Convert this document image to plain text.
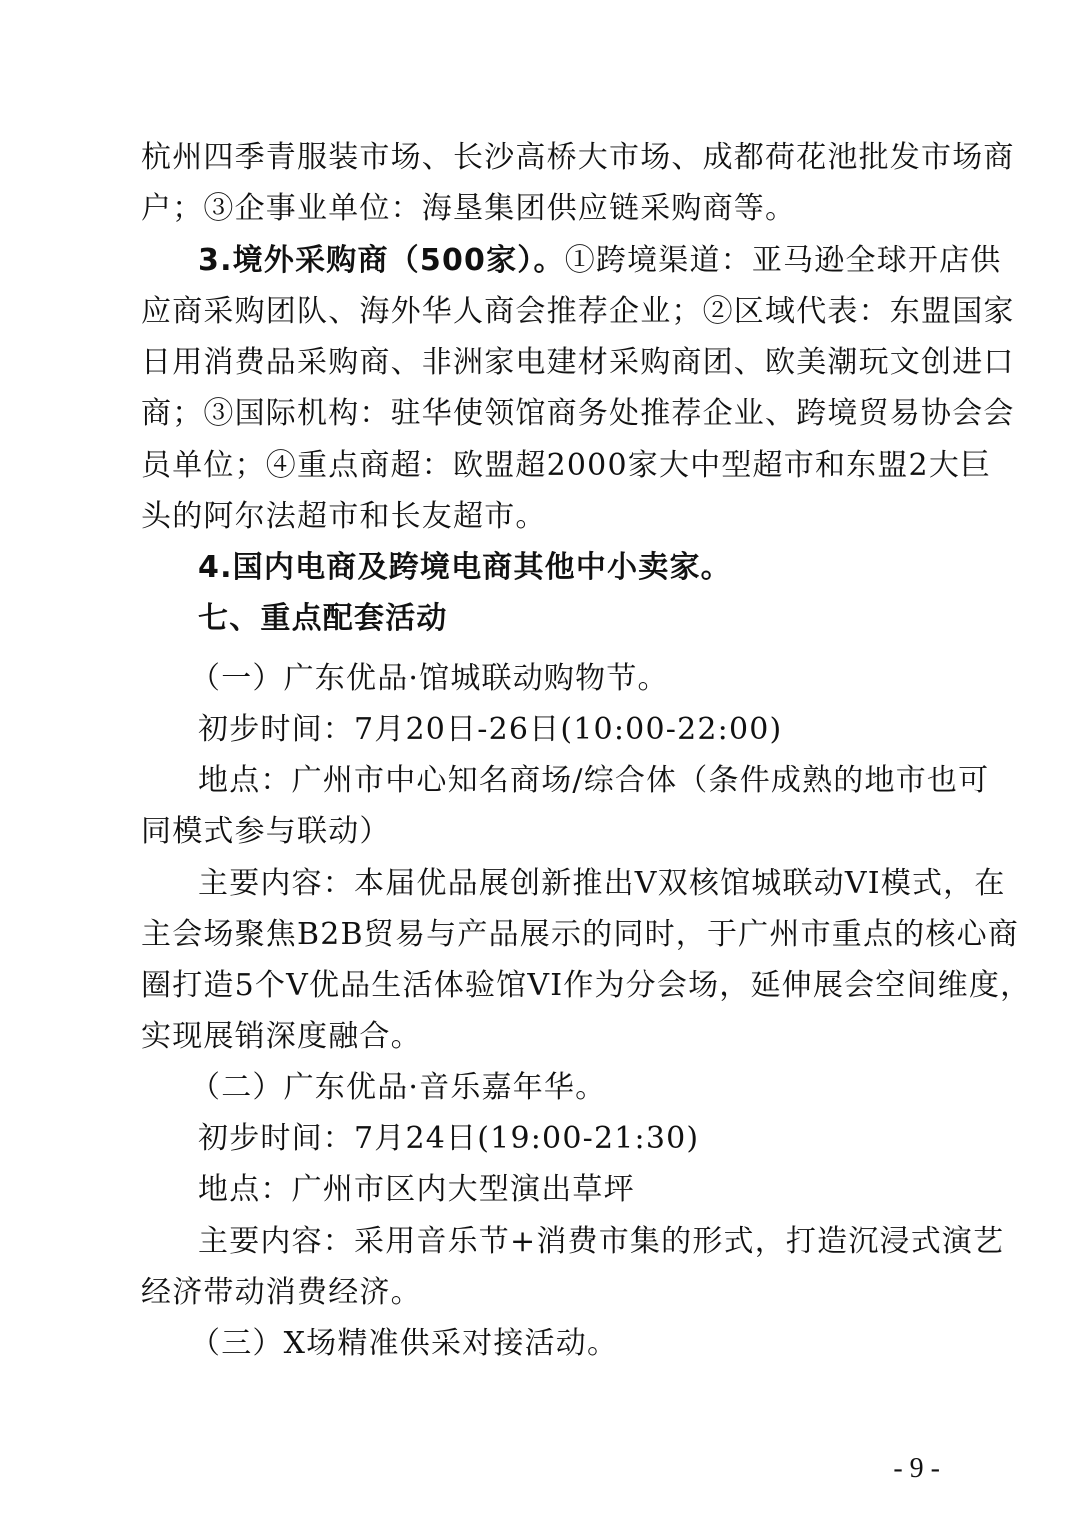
杭州四季青服装市场、长沙高桥大市场、成都荷花池批发市场商
户；③企事业单位：海垦集团供应链采购商等。
3.境外采购商（500家）。①跨境渠道：亚马逊全球开店供
应商采购团队、海外华人商会推荐企业；②区域代表：东盟国家
日用消费品采购商、非洲家电建材采购商团、欧美潮玩文创进口
商；③国际机构：驻华使领馆商务处推荐企业、跨境贸易协会会
员单位；④重点商超：欧盟超2000家大中型超市和东盟2大巨
头的阿尔法超市和长友超市。
4.国内电商及跨境电商其他中小卖家。
七、重点配套活动
（一）广东优品·馆城联动购物节。
初步时间：7月20日-26日(10:00-22:00)
地点：广州市中心知名商场/综合体（条件成熟的地市也可
同模式参与联动）
主要内容：本届优品展创新推出V双核馆城联动VI模式，在
主会场聚焦B2B贸易与产品展示的同时，于广州市重点的核心商
圈打造5个V优品生活体验馆VI作为分会场，延伸展会空间维度，
实现展销深度融合。
（二）广东优品·音乐嘉年华。
初步时间：7月24日(19:00-21:30)
地点：广州市区内大型演出草坪
主要内容：采用音乐节+消费市集的形式，打造沉浸式演艺
经济带动消费经济。
（三）X场精准供采对接活动。
- 9 -
